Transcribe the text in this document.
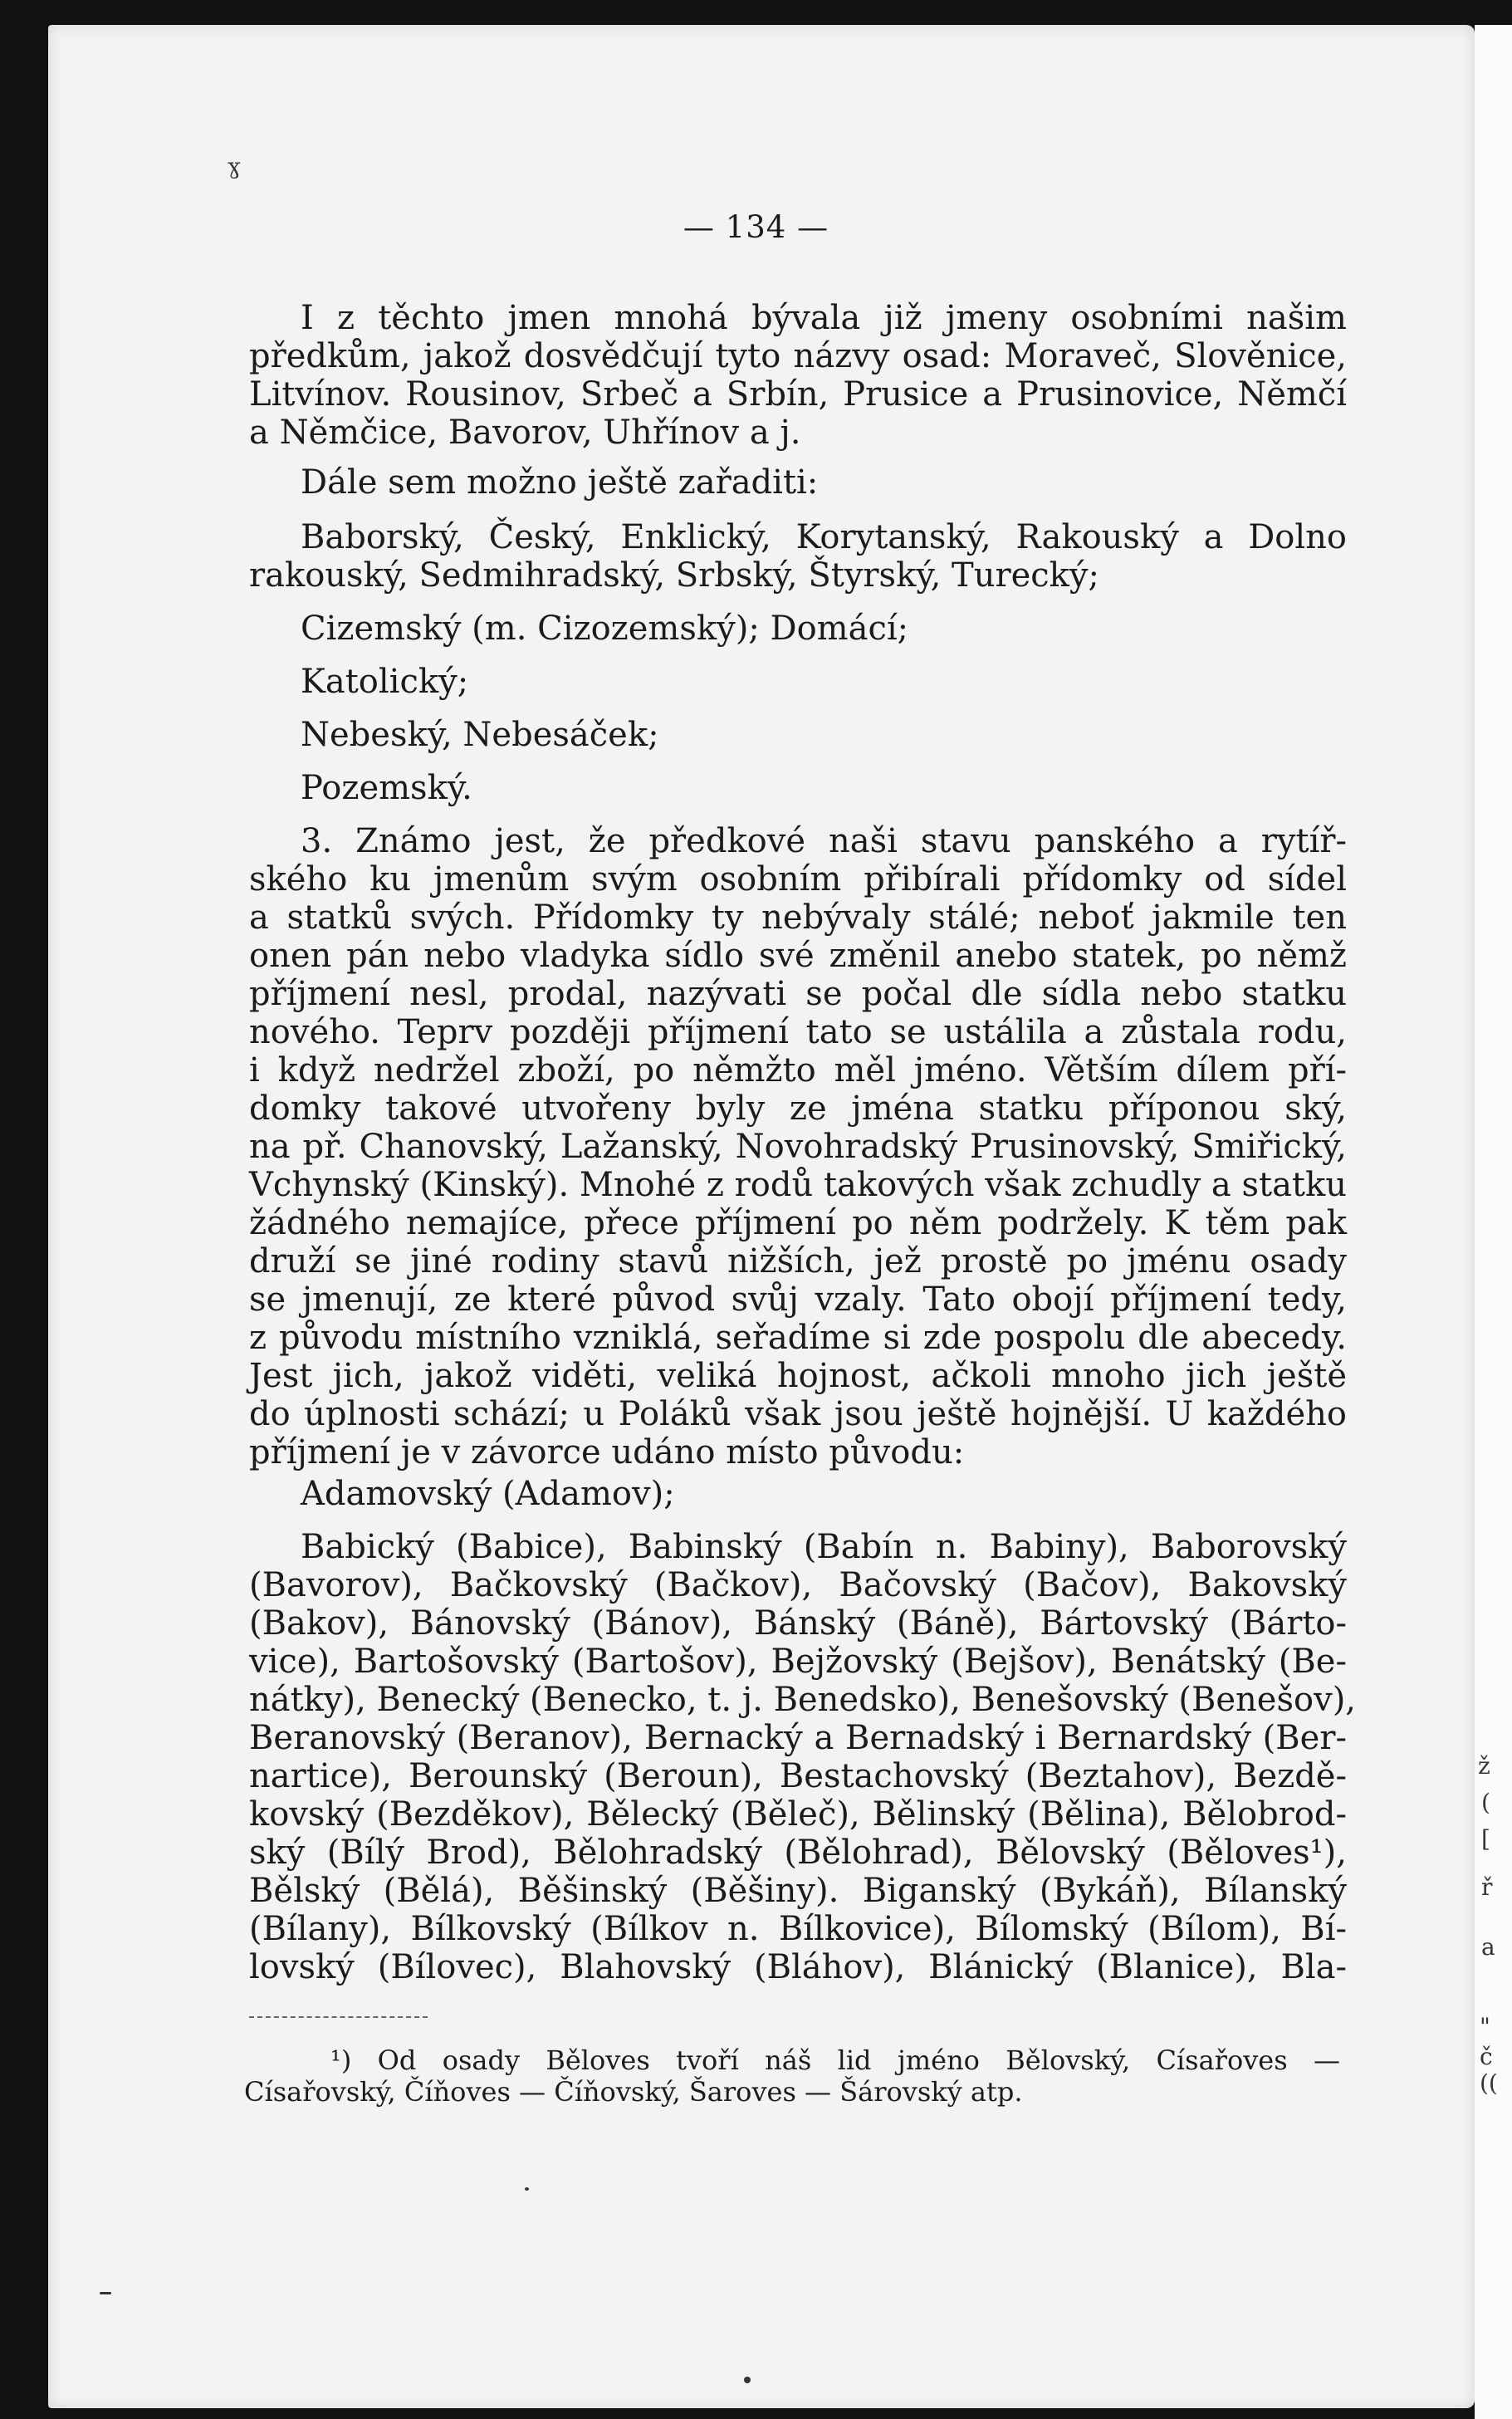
ž
(
[
ř
a
"
č
((
ɣ
— 134 —
I z těchto jmen mnohá bývala již jmeny osobními našim
předkům, jakož dosvědčují tyto názvy osad: Moraveč, Slověnice,
Litvínov. Rousinov, Srbeč a Srbín, Prusice a Prusinovice, Němčí
a Němčice, Bavorov, Uhřínov a j.
Dále sem možno ještě zařaditi:
Baborský, Český, Enklický, Korytanský, Rakouský a Dolno
rakouský, Sedmihradský, Srbský, Štyrský, Turecký;
Cizemský (m. Cizozemský); Domácí;
Katolický;
Nebeský, Nebesáček;
Pozemský.
3. Známo jest, že předkové naši stavu panského a rytíř-
ského ku jmenům svým osobním přibírali přídomky od sídel
a statků svých. Přídomky ty nebývaly stálé; neboť jakmile ten
onen pán nebo vladyka sídlo své změnil anebo statek, po němž
příjmení nesl, prodal, nazývati se počal dle sídla nebo statku
nového. Teprv později příjmení tato se ustálila a zůstala rodu,
i když nedržel zboží, po němžto měl jméno. Větším dílem pří-
domky takové utvořeny byly ze jména statku příponou ský,
na př. Chanovský, Lažanský, Novohradský Prusinovský, Smiřický,
Vchynský (Kinský). Mnohé z rodů takových však zchudly a statku
žádného nemajíce, přece příjmení po něm podržely. K těm pak
druží se jiné rodiny stavů nižších, jež prostě po jménu osady
se jmenují, ze které původ svůj vzaly. Tato obojí příjmení tedy,
z původu místního vzniklá, seřadíme si zde pospolu dle abecedy.
Jest jich, jakož viděti, veliká hojnost, ačkoli mnoho jich ještě
do úplnosti schází; u Poláků však jsou ještě hojnější. U každého
příjmení je v závorce udáno místo původu:
Adamovský (Adamov);
Babický (Babice), Babinský (Babín n. Babiny), Baborovský
(Bavorov), Bačkovský (Bačkov), Bačovský (Bačov), Bakovský
(Bakov), Bánovský (Bánov), Bánský (Báně), Bártovský (Bárto-
vice), Bartošovský (Bartošov), Bejžovský (Bejšov), Benátský (Be-
nátky), Benecký (Benecko, t. j. Benedsko), Benešovský (Benešov),
Beranovský (Beranov), Bernacký a Bernadský i Bernardský (Ber-
nartice), Berounský (Beroun), Bestachovský (Beztahov), Bezdě-
kovský (Bezděkov), Bělecký (Běleč), Bělinský (Bělina), Bělobrod-
ský (Bílý Brod), Bělohradský (Bělohrad), Bělovský (Běloves¹),
Bělský (Bělá), Běšinský (Běšiny). Biganský (Bykáň), Bílanský
(Bílany), Bílkovský (Bílkov n. Bílkovice), Bílomský (Bílom), Bí-
lovský (Bílovec), Blahovský (Bláhov), Blánický (Blanice), Bla-
¹) Od osady Běloves tvoří náš lid jméno Bělovský, Císařoves —
Císařovský, Číňoves — Číňovský, Šaroves — Šárovský atp.
